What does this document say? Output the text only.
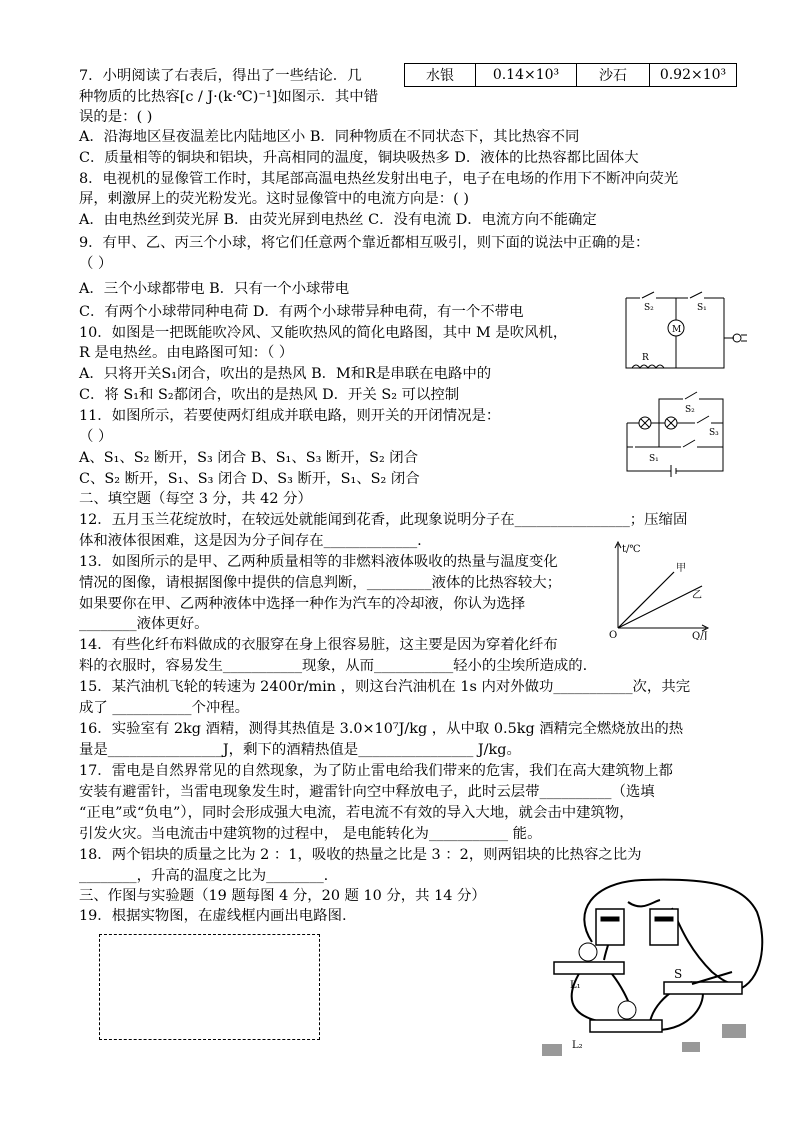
水银	0.14×10³	沙石	0.92×10³
7．小明阅读了右表后，得出了一些结论．几
种物质的比热容[c / J·(k·℃)⁻¹]如图示．其中错
误的是：( )
A．沿海地区昼夜温差比内陆地区小 B．同种物质在不同状态下，其比热容不同
C．质量相等的铜块和铝块，升高相同的温度，铜块吸热多 D．液体的比热容都比固体大
8．电视机的显像管工作时，其尾部高温电热丝发射出电子，电子在电场的作用下不断冲向荧光
屏，剌激屏上的荧光粉发光。这时显像管中的电流方向是：( )
A．由电热丝到荧光屏 B．由荧光屏到电热丝 C．没有电流 D．电流方向不能确定
9．有甲、乙、丙三个小球，将它们任意两个靠近都相互吸引，则下面的说法中正确的是：
（ ）
A．三个小球都带电 B．只有一个小球带电
C．有两个小球带同种电荷 D．有两个小球带异种电荷，有一个不带电
10．如图是一把既能吹冷风、又能吹热风的简化电路图，其中 M 是吹风机，
R 是电热丝。由电路图可知：（ ）
A．只将开关S₁闭合，吹出的是热风 B．M和R是串联在电路中的
C．将 S₁和 S₂都闭合，吹出的是热风 D．开关 S₂ 可以控制
11．如图所示，若要使两灯组成并联电路，则开关的开闭情况是：
（ ）
A、S₁、S₂ 断开，S₃ 闭合 B、S₁、S₃ 断开，S₂ 闭合
C、S₂ 断开，S₁、S₃ 闭合 D、S₃ 断开，S₁、S₂ 闭合
二、填空题（每空 3 分，共 42 分）
12．五月玉兰花绽放时，在较远处就能闻到花香，此现象说明分子在________________；压缩固
体和液体很困难，这是因为分子间存在_____________.
13．如图所示的是甲、乙两种质量相等的非燃料液体吸收的热量与温度变化
情况的图像，请根据图像中提供的信息判断，_________液体的比热容较大；
如果要你在甲、乙两种液体中选择一种作为汽车的冷却液，你认为选择
________液体更好。
14．有些化纤布料做成的衣服穿在身上很容易脏，这主要是因为穿着化纤布
料的衣服时，容易发生___________现象，从而___________轻小的尘埃所造成的.
15．某汽油机飞轮的转速为 2400r/min ，则这台汽油机在 1s 内对外做功___________次，共完
成了 ___________个冲程。
16．实验室有 2kg 酒精，测得其热值是 3.0×10⁷J/kg ，从中取 0.5kg 酒精完全燃烧放出的热
量是________________J，剩下的酒精热值是________________ J/kg。
17．雷电是自然界常见的自然现象，为了防止雷电给我们带来的危害，我们在高大建筑物上都
安装有避雷针，当雷电现象发生时，避雷针向空中释放电子，此时云层带__________（选填
“正电”或“负电”），同时会形成强大电流，若电流不有效的导入大地，就会击中建筑物，
引发火灾。当电流击中建筑物的过程中， 是电能转化为___________ 能。
18．两个铝块的质量之比为 2 ：1，吸收的热量之比是 3 ：2，则两铝块的比热容之比为
________，升高的温度之比为________.
三、作图与实验题（19 题每图 4 分，20 题 10 分，共 14 分）
19．根据实物图，在虚线框内画出电路图.
S₂	S₁
M
R
S₂
S₃
S₁
t/℃
甲
乙
O	Q/J
L₁
L₂
S
